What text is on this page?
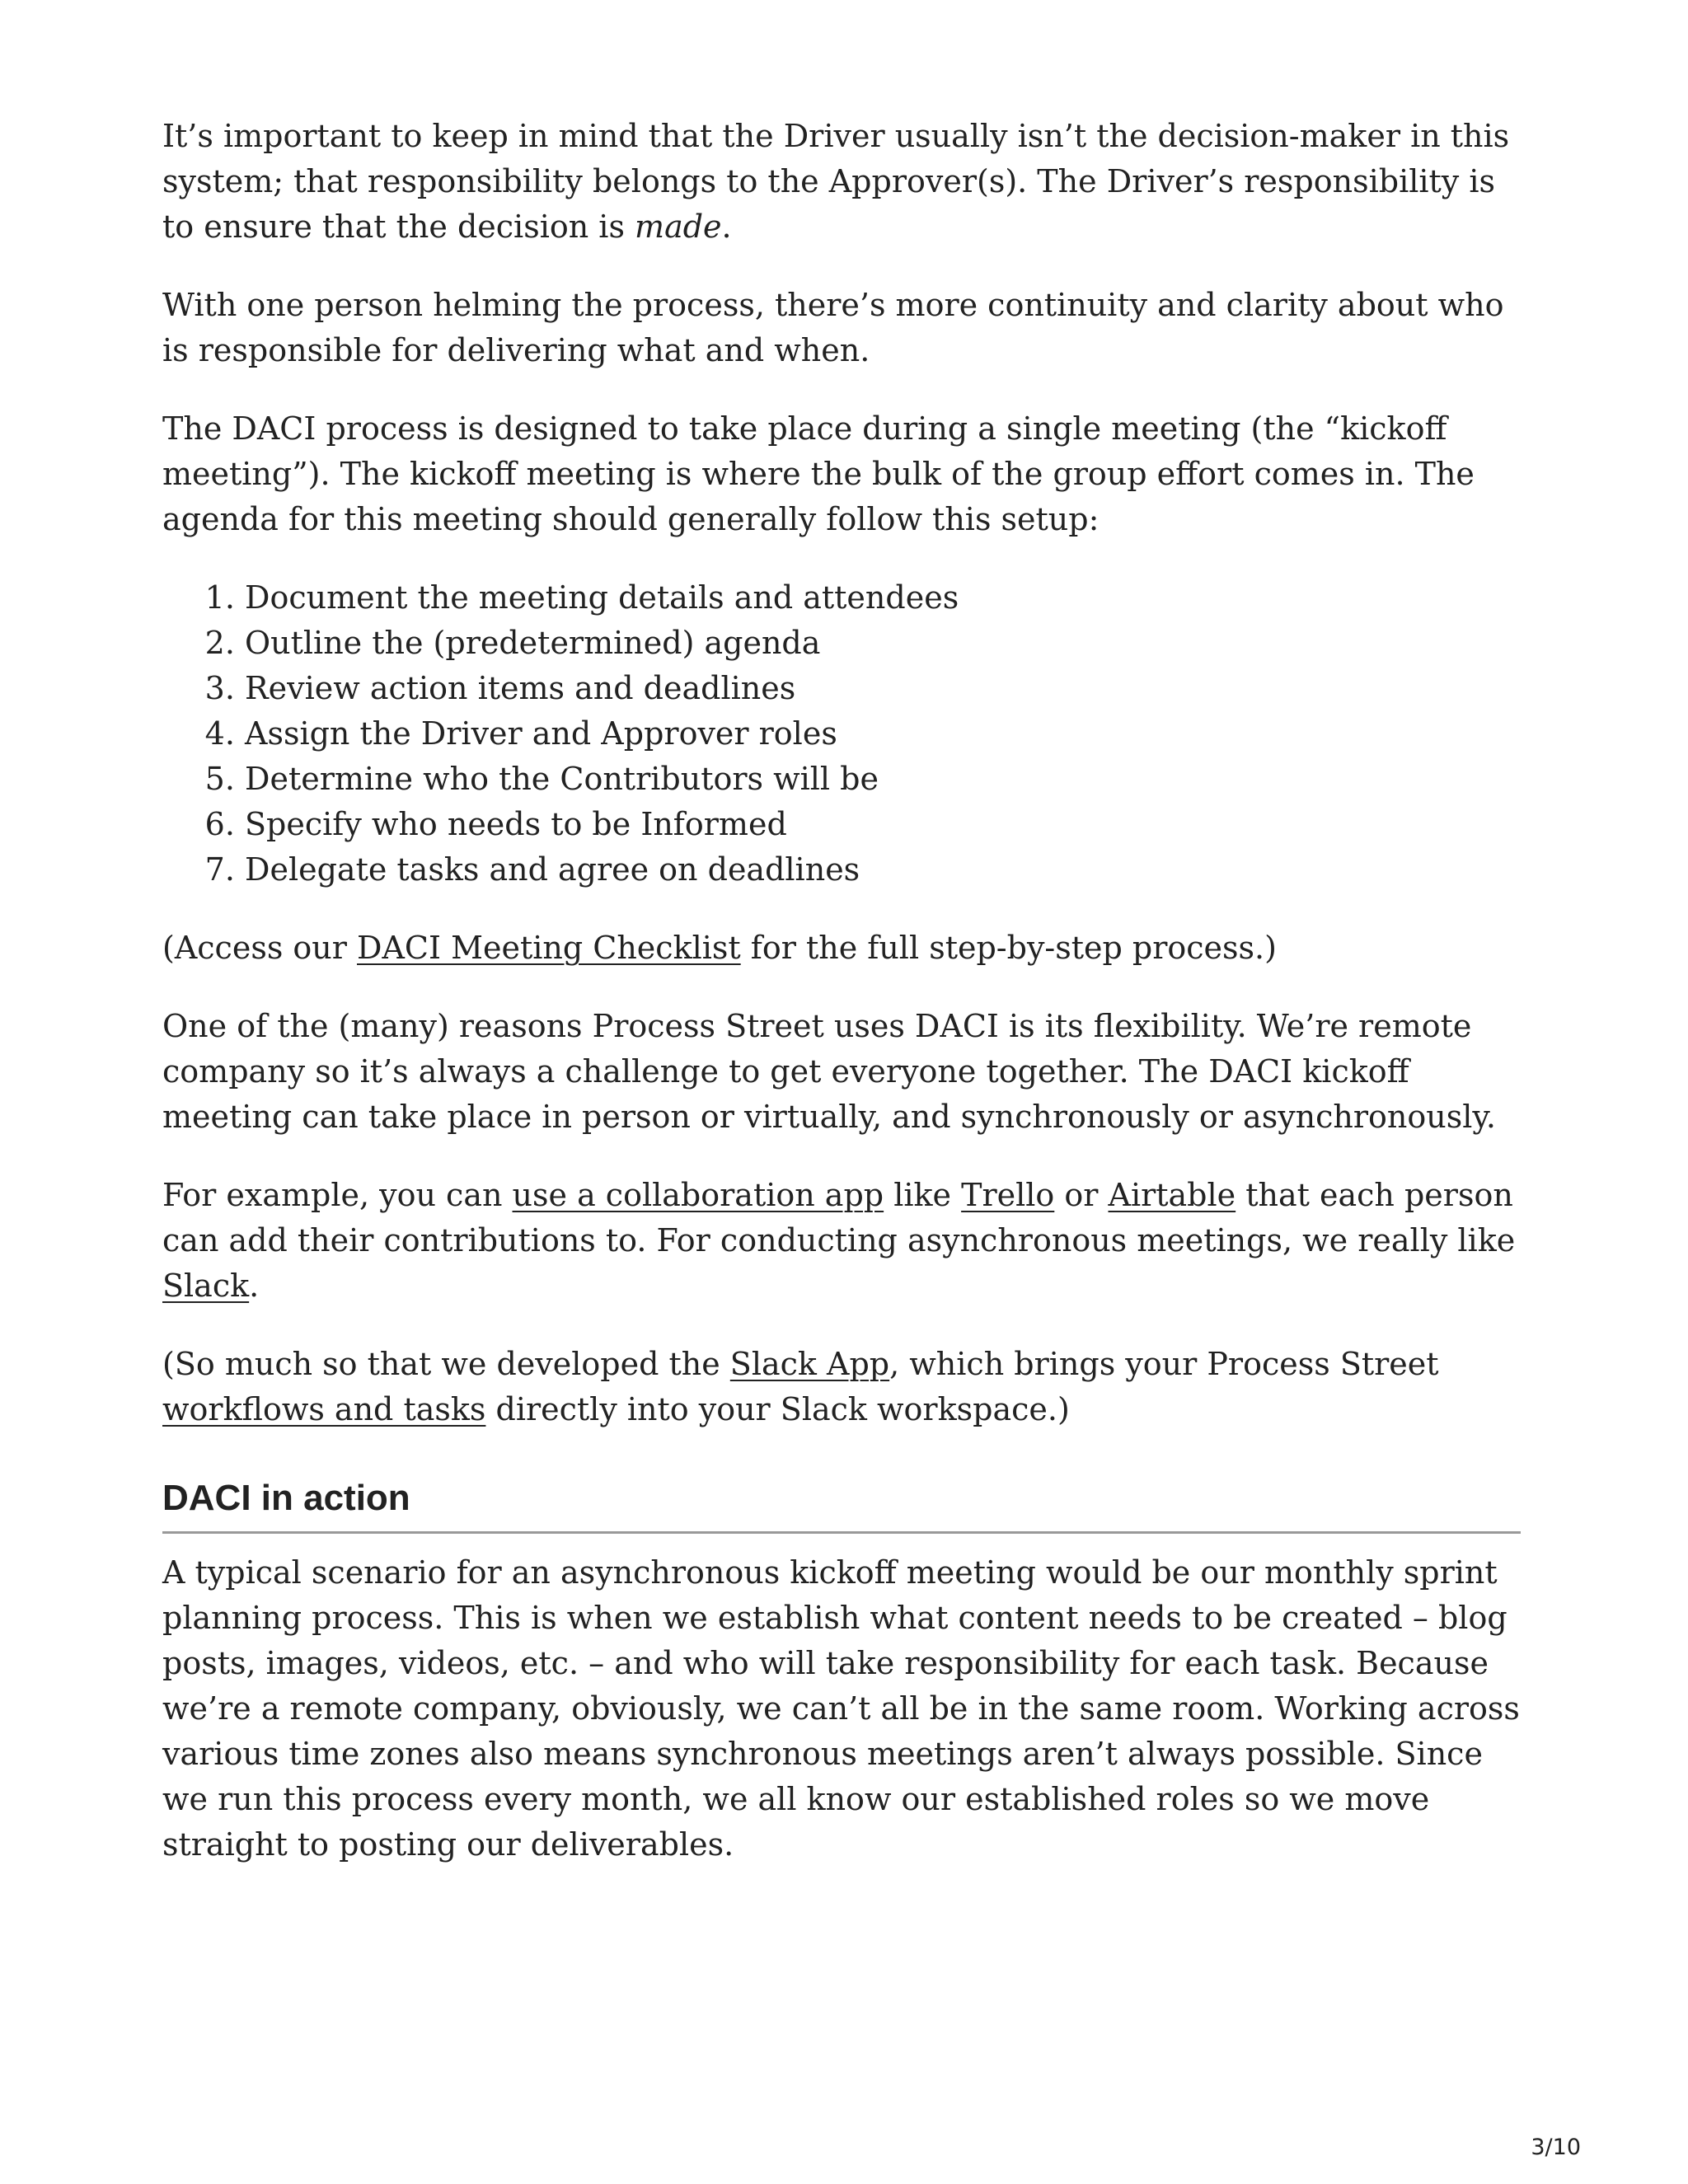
It’s important to keep in mind that the Driver usually isn’t the decision-maker in this system; that responsibility belongs to the Approver(s). The Driver’s responsibility is to ensure that the decision is made.

With one person helming the process, there’s more continuity and clarity about who is responsible for delivering what and when.

The DACI process is designed to take place during a single meeting (the “kickoff meeting”). The kickoff meeting is where the bulk of the group effort comes in. The agenda for this meeting should generally follow this setup:

1. Document the meeting details and attendees
2. Outline the (predetermined) agenda
3. Review action items and deadlines
4. Assign the Driver and Approver roles
5. Determine who the Contributors will be
6. Specify who needs to be Informed
7. Delegate tasks and agree on deadlines

(Access our DACI Meeting Checklist for the full step-by-step process.)

One of the (many) reasons Process Street uses DACI is its flexibility. We’re remote company so it’s always a challenge to get everyone together. The DACI kickoff meeting can take place in person or virtually, and synchronously or asynchronously.

For example, you can use a collaboration app like Trello or Airtable that each person can add their contributions to. For conducting asynchronous meetings, we really like Slack.

(So much so that we developed the Slack App, which brings your Process Street workflows and tasks directly into your Slack workspace.)

DACI in action

A typical scenario for an asynchronous kickoff meeting would be our monthly sprint planning process. This is when we establish what content needs to be created – blog posts, images, videos, etc. – and who will take responsibility for each task. Because we’re a remote company, obviously, we can’t all be in the same room. Working across various time zones also means synchronous meetings aren’t always possible. Since we run this process every month, we all know our established roles so we move straight to posting our deliverables.

3/10
